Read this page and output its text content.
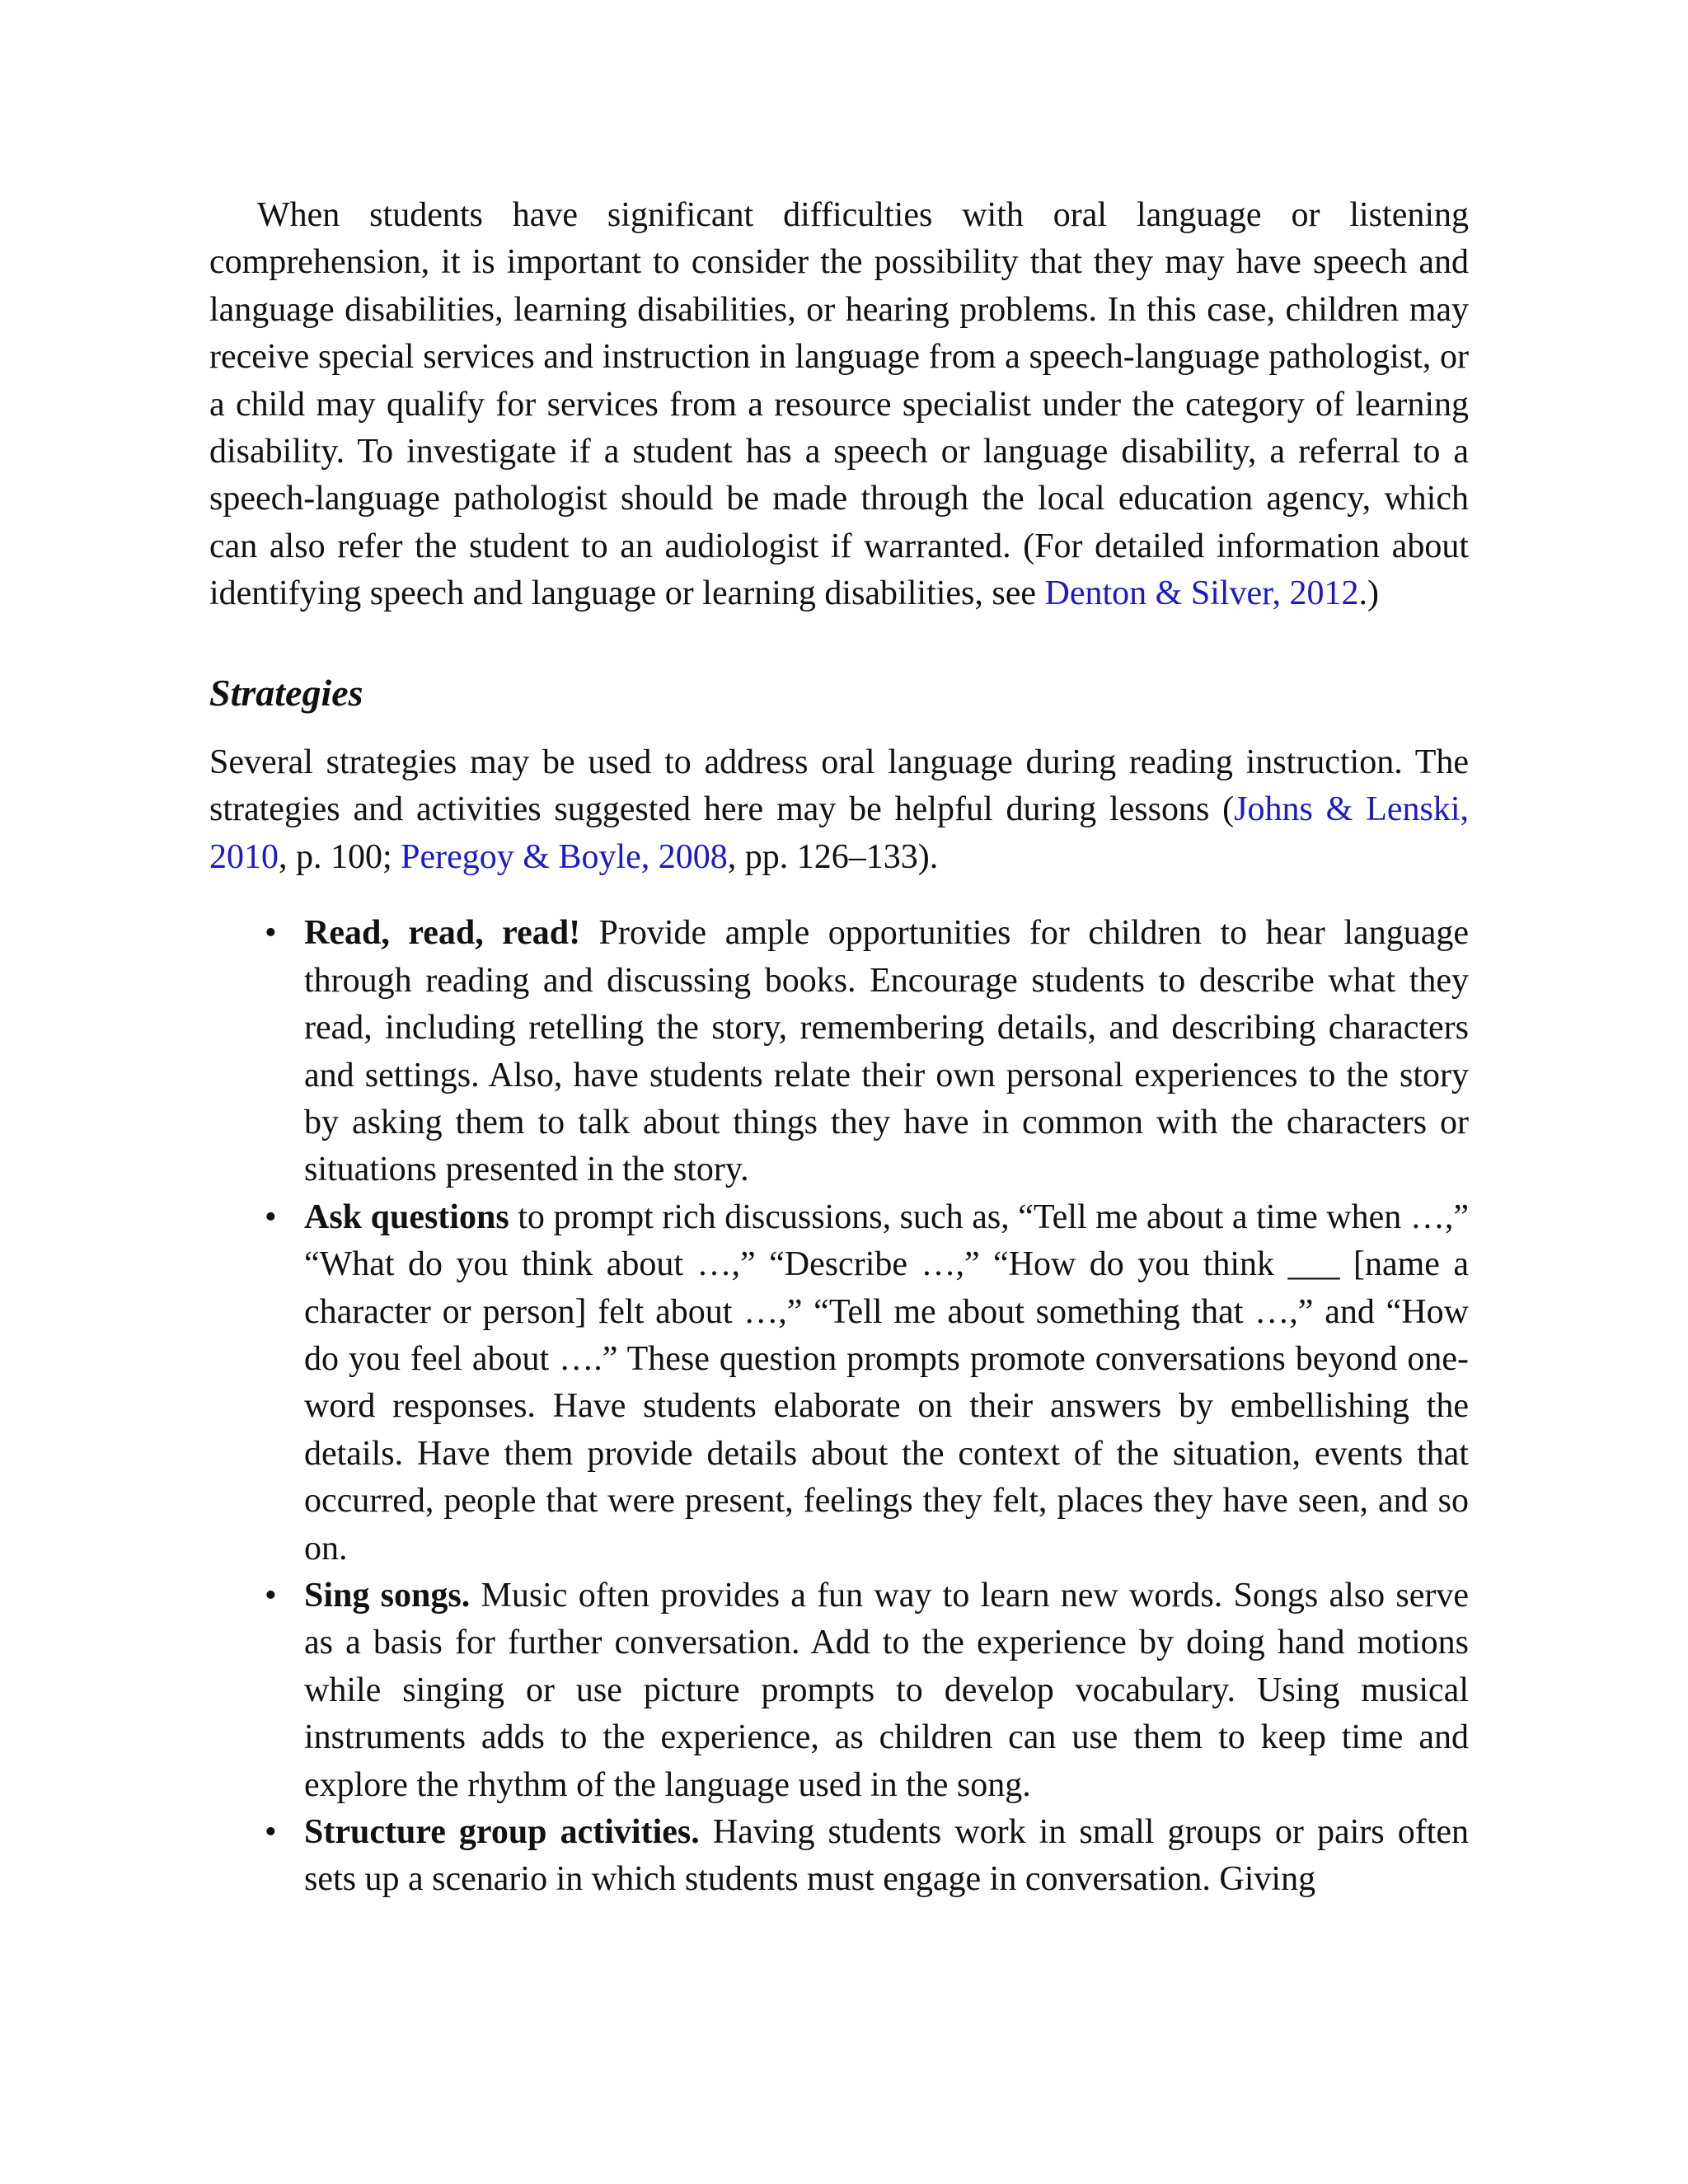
When students have significant difficulties with oral language or listening comprehension, it is important to consider the possibility that they may have speech and language disabilities, learning disabilities, or hearing problems. In this case, children may receive special services and instruction in language from a speech-language pathologist, or a child may qualify for services from a resource specialist under the category of learning disability. To investigate if a student has a speech or language disability, a referral to a speech-language pathologist should be made through the local education agency, which can also refer the student to an audiologist if warranted. (For detailed information about identifying speech and language or learning disabilities, see Denton & Silver, 2012.)

Strategies

Several strategies may be used to address oral language during reading instruction. The strategies and activities suggested here may be helpful during lessons (Johns & Lenski, 2010, p. 100; Peregoy & Boyle, 2008, pp. 126–133).

• Read, read, read! Provide ample opportunities for children to hear language through reading and discussing books. Encourage students to describe what they read, including retelling the story, remembering details, and describing characters and settings. Also, have students relate their own personal experiences to the story by asking them to talk about things they have in common with the characters or situations presented in the story.
• Ask questions to prompt rich discussions, such as, “Tell me about a time when …,” “What do you think about …,” “Describe …,” “How do you think ___ [name a character or person] felt about …,” “Tell me about something that …,” and “How do you feel about ….” These question prompts promote conversations beyond one-word responses. Have students elaborate on their answers by embellishing the details. Have them provide details about the context of the situation, events that occurred, people that were present, feelings they felt, places they have seen, and so on.
• Sing songs. Music often provides a fun way to learn new words. Songs also serve as a basis for further conversation. Add to the experience by doing hand motions while singing or use picture prompts to develop vocabulary. Using musical instruments adds to the experience, as children can use them to keep time and explore the rhythm of the language used in the song.
• Structure group activities. Having students work in small groups or pairs often sets up a scenario in which students must engage in conversation. Giving
